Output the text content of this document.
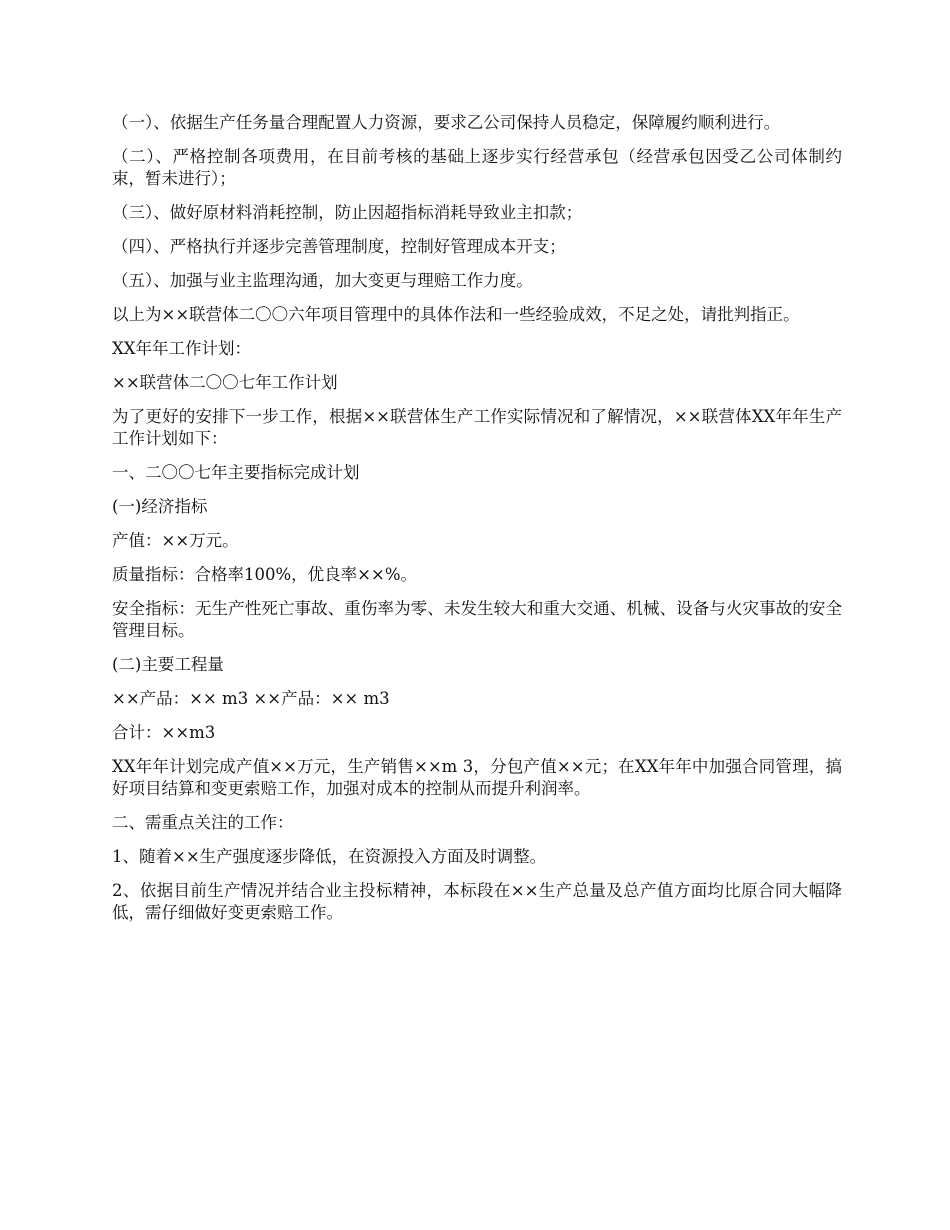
（一）、依据生产任务量合理配置人力资源，要求乙公司保持人员稳定，保障履约顺利进行。

（二）、严格控制各项费用，在目前考核的基础上逐步实行经营承包（经营承包因受乙公司体制约束，暂未进行）；

（三）、做好原材料消耗控制，防止因超指标消耗导致业主扣款；

（四）、严格执行并逐步完善管理制度，控制好管理成本开支；

（五）、加强与业主监理沟通，加大变更与理赔工作力度。

以上为××联营体二〇〇六年项目管理中的具体作法和一些经验成效，不足之处，请批判指正。

XX年年工作计划：

××联营体二〇〇七年工作计划

为了更好的安排下一步工作，根据××联营体生产工作实际情况和了解情况，××联营体XX年年生产工作计划如下：

一、二〇〇七年主要指标完成计划

(一)经济指标

产值：××万元。

质量指标：合格率100%，优良率××%。

安全指标：无生产性死亡事故、重伤率为零、未发生较大和重大交通、机械、设备与火灾事故的安全管理目标。

(二)主要工程量

××产品：×× m3 ××产品：×× m3

合计：××m3

XX年年计划完成产值××万元，生产销售××m 3，分包产值××元；在XX年年中加强合同管理，搞好项目结算和变更索赔工作，加强对成本的控制从而提升利润率。

二、需重点关注的工作：

1、随着××生产强度逐步降低，在资源投入方面及时调整。

2、依据目前生产情况并结合业主投标精神，本标段在××生产总量及总产值方面均比原合同大幅降低，需仔细做好变更索赔工作。
